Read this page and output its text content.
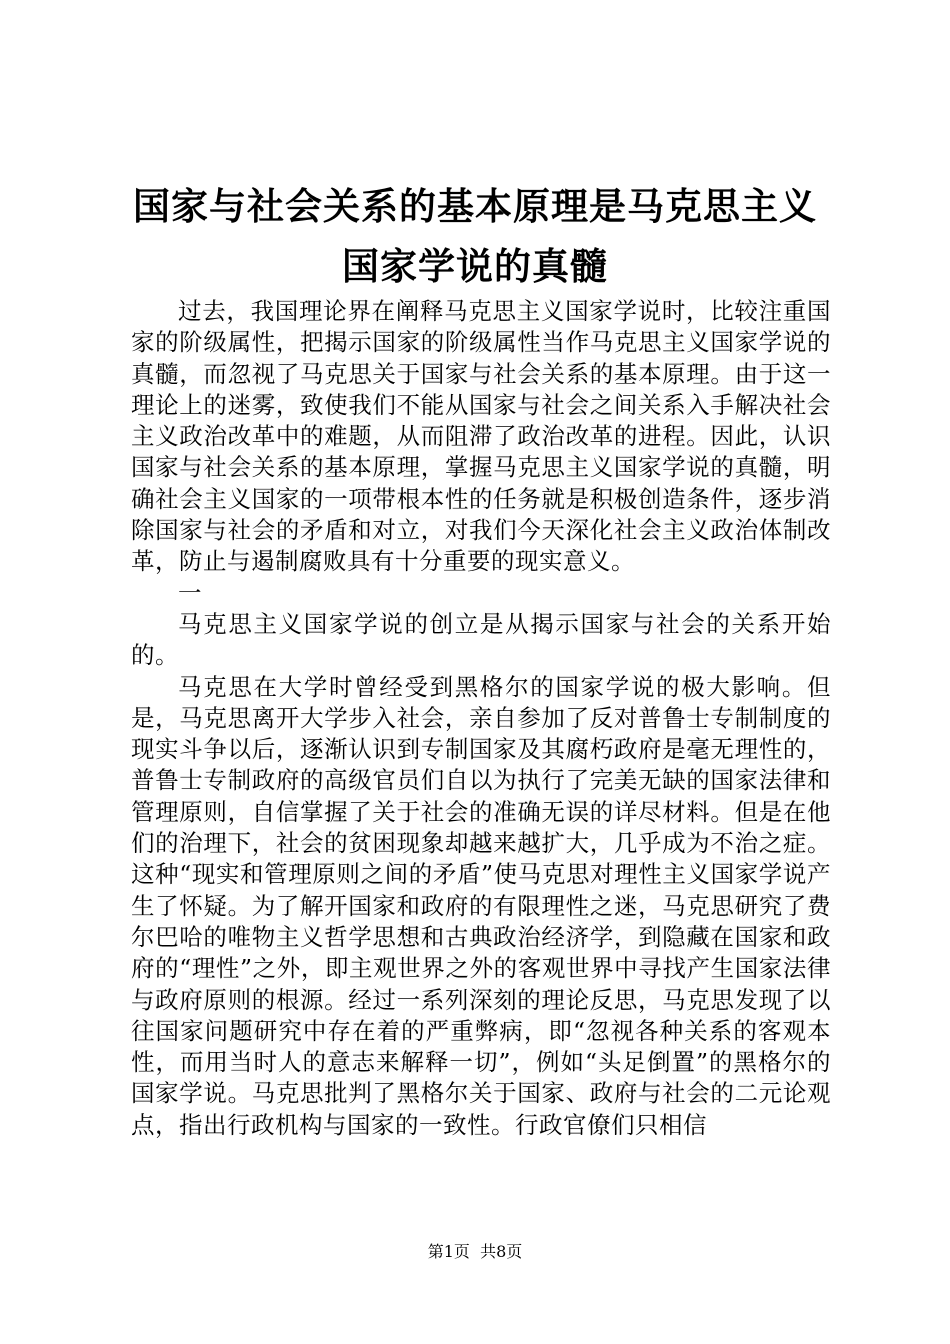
国家与社会关系的基本原理是马克思主义国家学说的真髓

过去，我国理论界在阐释马克思主义国家学说时，比较注重国家的阶级属性，把揭示国家的阶级属性当作马克思主义国家学说的真髓，而忽视了马克思关于国家与社会关系的基本原理。由于这一理论上的迷雾，致使我们不能从国家与社会之间关系入手解决社会主义政治改革中的难题，从而阻滞了政治改革的进程。因此，认识国家与社会关系的基本原理，掌握马克思主义国家学说的真髓，明确社会主义国家的一项带根本性的任务就是积极创造条件，逐步消除国家与社会的矛盾和对立，对我们今天深化社会主义政治体制改革，防止与遏制腐败具有十分重要的现实意义。

一

马克思主义国家学说的创立是从揭示国家与社会的关系开始的。

马克思在大学时曾经受到黑格尔的国家学说的极大影响。但是，马克思离开大学步入社会，亲自参加了反对普鲁士专制制度的现实斗争以后，逐渐认识到专制国家及其腐朽政府是毫无理性的，普鲁士专制政府的高级官员们自以为执行了完美无缺的国家法律和管理原则，自信掌握了关于社会的准确无误的详尽材料。但是在他们的治理下，社会的贫困现象却越来越扩大，几乎成为不治之症。这种“现实和管理原则之间的矛盾”使马克思对理性主义国家学说产生了怀疑。为了解开国家和政府的有限理性之迷，马克思研究了费尔巴哈的唯物主义哲学思想和古典政治经济学，到隐藏在国家和政府的“理性”之外，即主观世界之外的客观世界中寻找产生国家法律与政府原则的根源。经过一系列深刻的理论反思，马克思发现了以往国家问题研究中存在着的严重弊病，即“忽视各种关系的客观本性，而用当时人的意志来解释一切”，例如“头足倒置”的黑格尔的国家学说。马克思批判了黑格尔关于国家、政府与社会的二元论观点，指出行政机构与国家的一致性。行政官僚们只相信

第1页 共8页
